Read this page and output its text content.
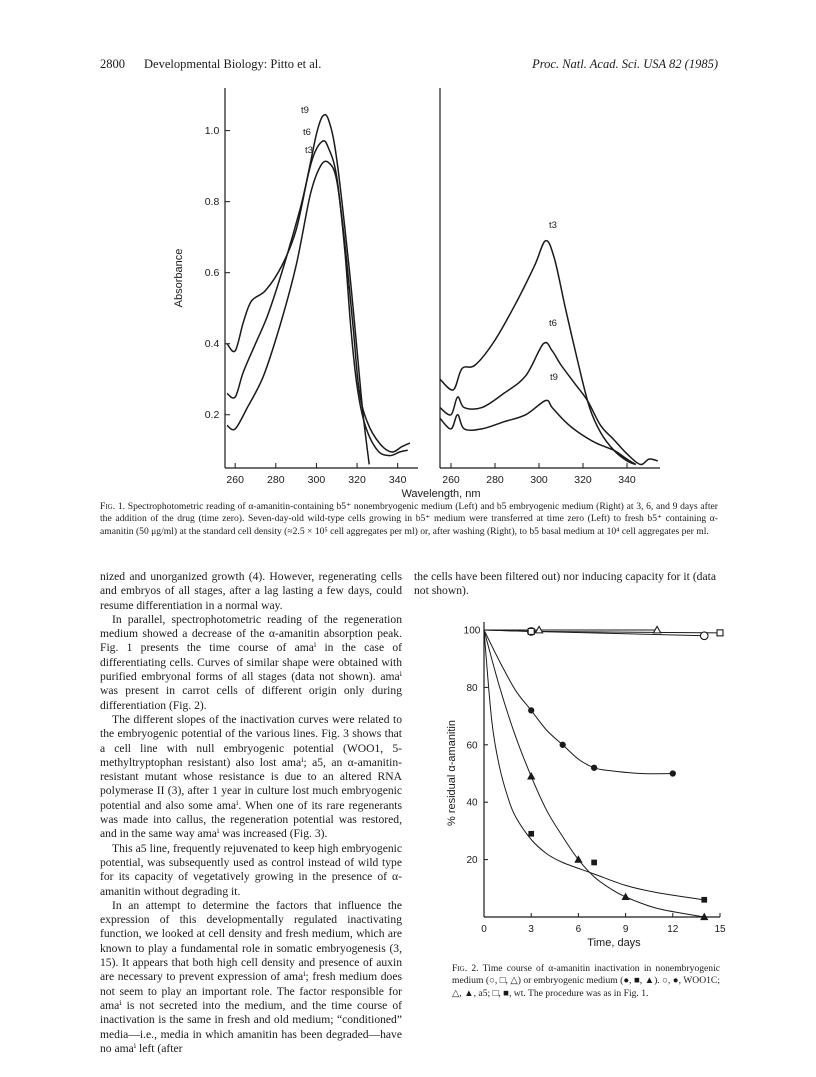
2800 Developmental Biology: Pitto et al.	Proc. Natl. Acad. Sci. USA 82 (1985)
260 280 300 320 340
0.2
0.4
0.6
0.8
1.0
Absorbance
t9
t6
t3
260	280	300	320	340
t3
t6
t9
Wavelength, nm
Fig. 1. Spectrophotometric reading of α-amanitin-containing b5⁺ nonembryogenic medium (Left) and b5 embryogenic medium (Right) at 3, 6, and 9 days after the addition of the drug (time zero). Seven-day-old wild-type cells growing in b5⁺ medium were transferred at time zero (Left) to fresh b5⁺ containing α-amanitin (50 μg/ml) at the standard cell density (≈2.5 × 10⁵ cell aggregates per ml) or, after washing (Right), to b5 basal medium at 10⁴ cell aggregates per ml.

nized and unorganized growth (4). However, regenerating cells and embryos of all stages, after a lag lasting a few days, could resume differentiation in a normal way.

In parallel, spectrophotometric reading of the regeneration medium showed a decrease of the α-amanitin absorption peak. Fig. 1 presents the time course of amaⁱ in the case of differentiating cells. Curves of similar shape were obtained with purified embryonal forms of all stages (data not shown). amaⁱ was present in carrot cells of different origin only during differentiation (Fig. 2).

The different slopes of the inactivation curves were related to the embryogenic potential of the various lines. Fig. 3 shows that a cell line with null embryogenic potential (WOO1, 5-methyltryptophan resistant) also lost amaⁱ; a5, an α-amanitin-resistant mutant whose resistance is due to an altered RNA polymerase II (3), after 1 year in culture lost much embryogenic potential and also some amaⁱ. When one of its rare regenerants was made into callus, the regeneration potential was restored, and in the same way amaⁱ was increased (Fig. 3).

This a5 line, frequently rejuvenated to keep high embryogenic potential, was subsequently used as control instead of wild type for its capacity of vegetatively growing in the presence of α-amanitin without degrading it.

In an attempt to determine the factors that influence the expression of this developmentally regulated inactivating function, we looked at cell density and fresh medium, which are known to play a fundamental role in somatic embryogenesis (3, 15). It appears that both high cell density and presence of auxin are necessary to prevent expression of amaⁱ; fresh medium does not seem to play an important role. The factor responsible for amaⁱ is not secreted into the medium, and the time course of inactivation is the same in fresh and old medium; “conditioned” media—i.e., media in which amanitin has been degraded—have no amaⁱ left (after

the cells have been filtered out) nor inducing capacity for it (data not shown).

0	3	6	9	12	15
20
40
60
80
100
% residual α-amanitin
Time, days
Fig. 2. Time course of α-amanitin inactivation in nonembryogenic medium (○, □, △) or embryogenic medium (●, ■, ▲). ○, ●, WOO1C; △, ▲, a5; □, ■, wt. The procedure was as in Fig. 1.
